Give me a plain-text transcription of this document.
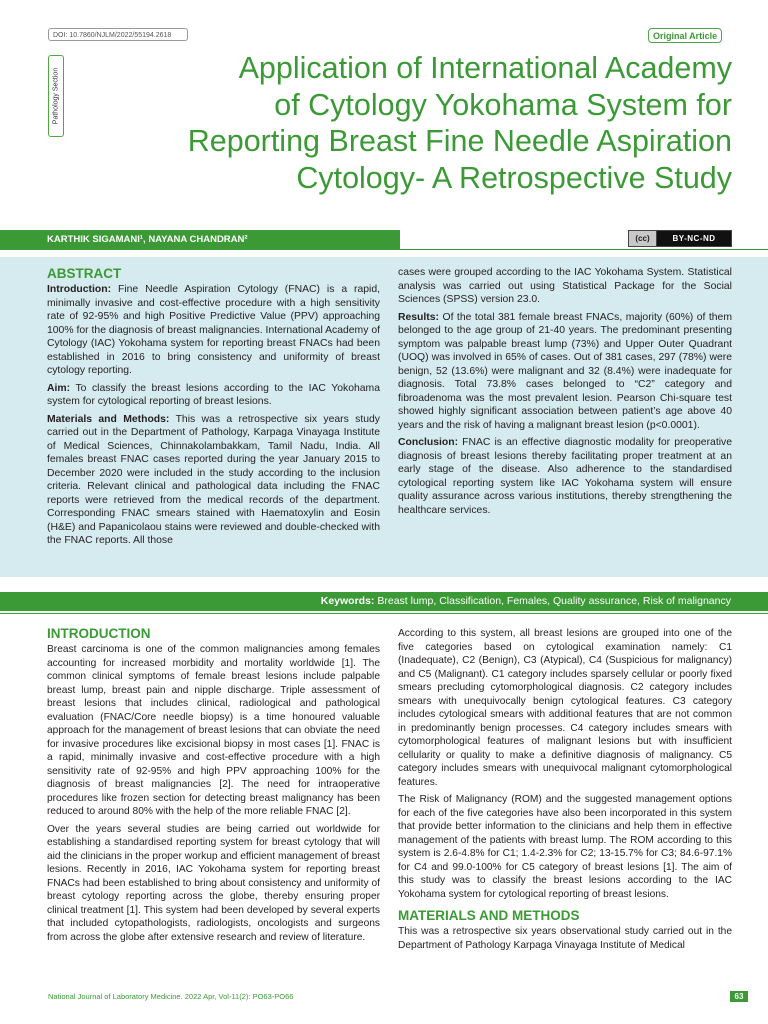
DOI: 10.7860/NJLM/2022/55194.2618	Original Article
Pathology Section	Application of International Academy
of Cytology Yokohama System for
Reporting Breast Fine Needle Aspiration
Cytology- A Retrospective Study
KARTHIK SIGAMANI¹, NAYANA CHANDRAN²	(cc)	BY-NC-ND
ABSTRACT

Introduction: Fine Needle Aspiration Cytology (FNAC) is a rapid, minimally invasive and cost-effective procedure with a high sensitivity rate of 92-95% and high Positive Predictive Value (PPV) approaching 100% for the diagnosis of breast malignancies. International Academy of Cytology (IAC) Yokohama system for reporting breast FNACs had been established in 2016 to bring consistency and uniformity of breast cytology reporting.

Aim: To classify the breast lesions according to the IAC Yokohama system for cytological reporting of breast lesions.

Materials and Methods: This was a retrospective six years study carried out in the Department of Pathology, Karpaga Vinayaga Institute of Medical Sciences, Chinnakolambakkam, Tamil Nadu, India. All females breast FNAC cases reported during the year January 2015 to December 2020 were included in the study according to the inclusion criteria. Relevant clinical and pathological data including the FNAC reports were retrieved from the medical records of the department. Corresponding FNAC smears stained with Haematoxylin and Eosin (H&E) and Papanicolaou stains were reviewed and double-checked with the FNAC reports. All those

cases were grouped according to the IAC Yokohama System. Statistical analysis was carried out using Statistical Package for the Social Sciences (SPSS) version 23.0.

Results: Of the total 381 female breast FNACs, majority (60%) of them belonged to the age group of 21-40 years. The predominant presenting symptom was palpable breast lump (73%) and Upper Outer Quadrant (UOQ) was involved in 65% of cases. Out of 381 cases, 297 (78%) were benign, 52 (13.6%) were malignant and 32 (8.4%) were inadequate for diagnosis. Total 73.8% cases belonged to “C2” category and fibroadenoma was the most prevalent lesion. Pearson Chi-square test showed highly significant association between patient’s age above 40 years and the risk of having a malignant breast lesion (p<0.0001).

Conclusion: FNAC is an effective diagnostic modality for preoperative diagnosis of breast lesions thereby facilitating proper treatment at an early stage of the disease. Also adherence to the standardised cytological reporting system like IAC Yokohama system will ensure quality assurance across various institutions, thereby strengthening the healthcare services.

Keywords: Breast lump, Classification, Females, Quality assurance, Risk of malignancy
INTRODUCTION

Breast carcinoma is one of the common malignancies among females accounting for increased morbidity and mortality worldwide [1]. The common clinical symptoms of female breast lesions include palpable breast lump, breast pain and nipple discharge. Triple assessment of breast lesions that includes clinical, radiological and pathological evaluation (FNAC/Core needle biopsy) is a time honoured valuable approach for the management of breast lesions that can obviate the need for invasive procedures like excisional biopsy in most cases [1]. FNAC is a rapid, minimally invasive and cost-effective procedure with a high sensitivity rate of 92-95% and high PPV approaching 100% for the diagnosis of breast malignancies [2]. The need for intraoperative procedures like frozen section for detecting breast malignancy has been reduced to around 80% with the help of the more reliable FNAC [2].

Over the years several studies are being carried out worldwide for establishing a standardised reporting system for breast cytology that will aid the clinicians in the proper workup and efficient management of breast lesions. Recently in 2016, IAC Yokohama system for reporting breast FNACs had been established to bring about consistency and uniformity of breast cytology reporting across the globe, thereby ensuring proper clinical treatment [1]. This system had been developed by several experts that included cytopathologists, radiologists, oncologists and surgeons from across the globe after extensive research and review of literature.

According to this system, all breast lesions are grouped into one of the five categories based on cytological examination namely: C1 (Inadequate), C2 (Benign), C3 (Atypical), C4 (Suspicious for malignancy) and C5 (Malignant). C1 category includes sparsely cellular or poorly fixed smears precluding cytomorphological diagnosis. C2 category includes smears with unequivocally benign cytological features. C3 category includes cytological smears with additional features that are not common in predominantly benign processes. C4 category includes smears with cytomorphological features of malignant lesions but with insufficient cellularity or quality to make a definitive diagnosis of malignancy. C5 category includes smears with unequivocal malignant cytomorphological features.

The Risk of Malignancy (ROM) and the suggested management options for each of the five categories have also been incorporated in this system that provide better information to the clinicians and help them in effective management of the patients with breast lump. The ROM according to this system is 2.6-4.8% for C1; 1.4-2.3% for C2; 13-15.7% for C3; 84.6-97.1% for C4 and 99.0-100% for C5 category of breast lesions [1]. The aim of this study was to classify the breast lesions according to the IAC Yokohama system for cytological reporting of breast lesions.

MATERIALS AND METHODS

This was a retrospective six years observational study carried out in the Department of Pathology Karpaga Vinayaga Institute of Medical

National Journal of Laboratory Medicine. 2022 Apr, Vol-11(2): PO63-PO66	63
